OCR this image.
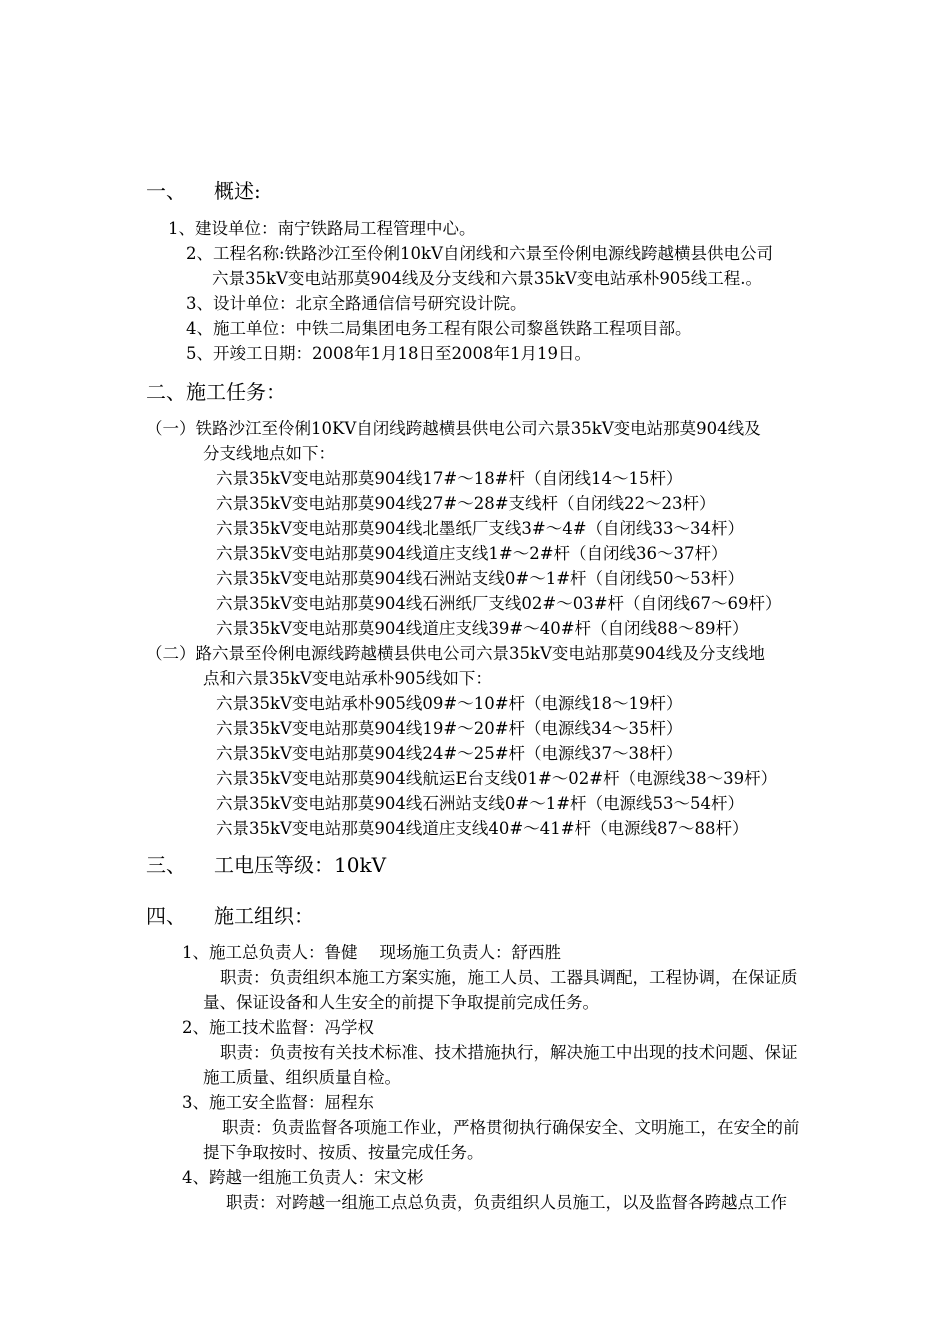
一、 概述:
1、建设单位：南宁铁路局工程管理中心。
2、工程名称:铁路沙江至伶俐10kV自闭线和六景至伶俐电源线跨越横县供电公司
六景35kV变电站那莫904线及分支线和六景35kV变电站承朴905线工程.。
3、设计单位：北京全路通信信号研究设计院。
4、施工单位：中铁二局集团电务工程有限公司黎邕铁路工程项目部。
5、开竣工日期：2008年1月18日至2008年1月19日。
二、施工任务：
（一）铁路沙江至伶俐10KV自闭线跨越横县供电公司六景35kV变电站那莫904线及
分支线地点如下：
六景35kV变电站那莫904线17#～18#杆（自闭线14～15杆）
六景35kV变电站那莫904线27#～28#支线杆（自闭线22～23杆）
六景35kV变电站那莫904线北墨纸厂支线3#～4#（自闭线33～34杆）
六景35kV变电站那莫904线道庄支线1#～2#杆（自闭线36～37杆）
六景35kV变电站那莫904线石洲站支线0#～1#杆（自闭线50～53杆）
六景35kV变电站那莫904线石洲纸厂支线02#～03#杆（自闭线67～69杆）
六景35kV变电站那莫904线道庄支线39#～40#杆（自闭线88～89杆）
（二）路六景至伶俐电源线跨越横县供电公司六景35kV变电站那莫904线及分支线地
点和六景35kV变电站承朴905线如下：
六景35kV变电站承朴905线09#～10#杆（电源线18～19杆）
六景35kV变电站那莫904线19#～20#杆（电源线34～35杆）
六景35kV变电站那莫904线24#～25#杆（电源线37～38杆）
六景35kV变电站那莫904线航运E台支线01#～02#杆（电源线38～39杆）
六景35kV变电站那莫904线石洲站支线0#～1#杆（电源线53～54杆）
六景35kV变电站那莫904线道庄支线40#～41#杆（电源线87～88杆）
三、 工电压等级：10kV
四、 施工组织：
1、施工总负责人：鲁健 现场施工负责人：舒西胜
职责：负责组织本施工方案实施，施工人员、工器具调配，工程协调，在保证质
量、保证设备和人生安全的前提下争取提前完成任务。
2、施工技术监督：冯学权
职责：负责按有关技术标准、技术措施执行，解决施工中出现的技术问题、保证
施工质量、组织质量自检。
3、施工安全监督：屈程东
职责：负责监督各项施工作业，严格贯彻执行确保安全、文明施工，在安全的前
提下争取按时、按质、按量完成任务。
4、跨越一组施工负责人：宋文彬
职责：对跨越一组施工点总负责，负责组织人员施工，以及监督各跨越点工作
